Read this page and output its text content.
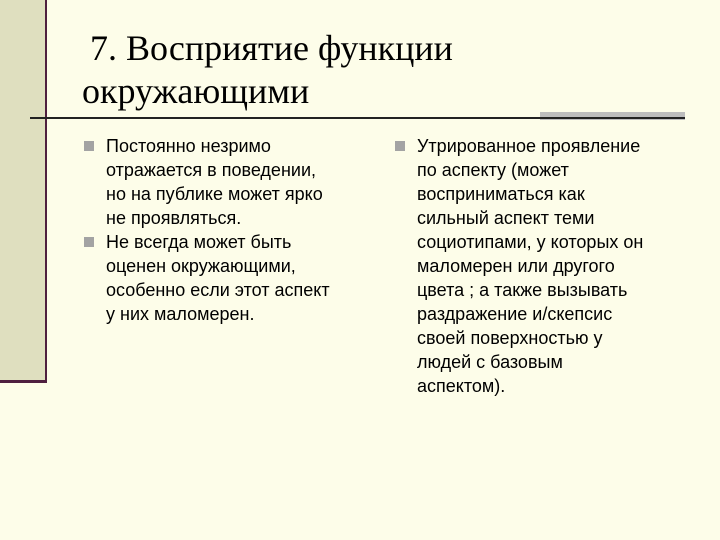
7. Восприятие функции
окружающими
Постоянно незримо
отражается в поведении,
но на публике может ярко
не проявляться.
Не всегда может быть
оценен окружающими,
особенно если этот аспект
у них маломерен.
Утрированное проявление
по аспекту (может
восприниматься как
сильный аспект теми
социотипами, у которых он
маломерен или другого
цвета ; а также вызывать
раздражение и/скепсис
своей поверхностью у
людей с базовым
аспектом).
